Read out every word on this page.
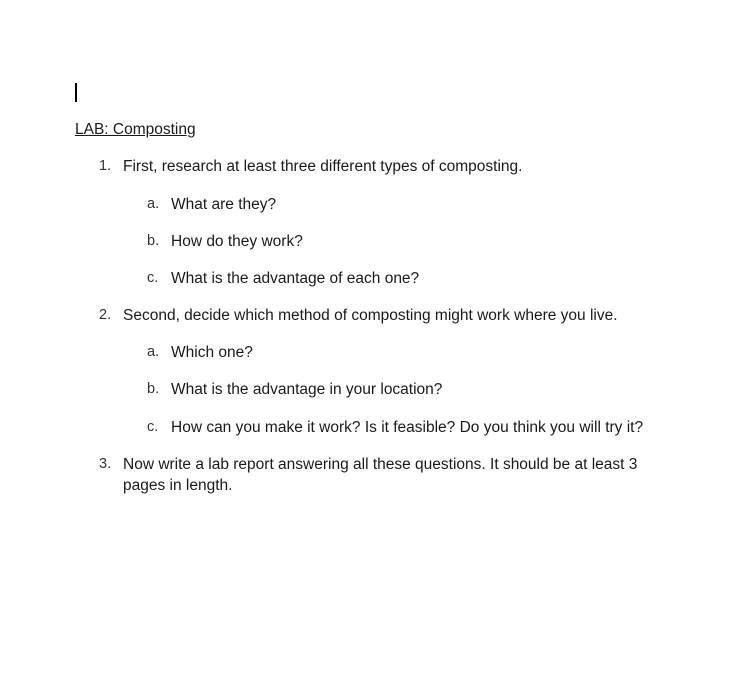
LAB: Composting
1. First, research at least three different types of composting.
a. What are they?
b. How do they work?
c. What is the advantage of each one?
2. Second, decide which method of composting might work where you live.
a. Which one?
b. What is the advantage in your location?
c. How can you make it work? Is it feasible? Do you think you will try it?
3. Now write a lab report answering all these questions. It should be at least 3 pages in length.
